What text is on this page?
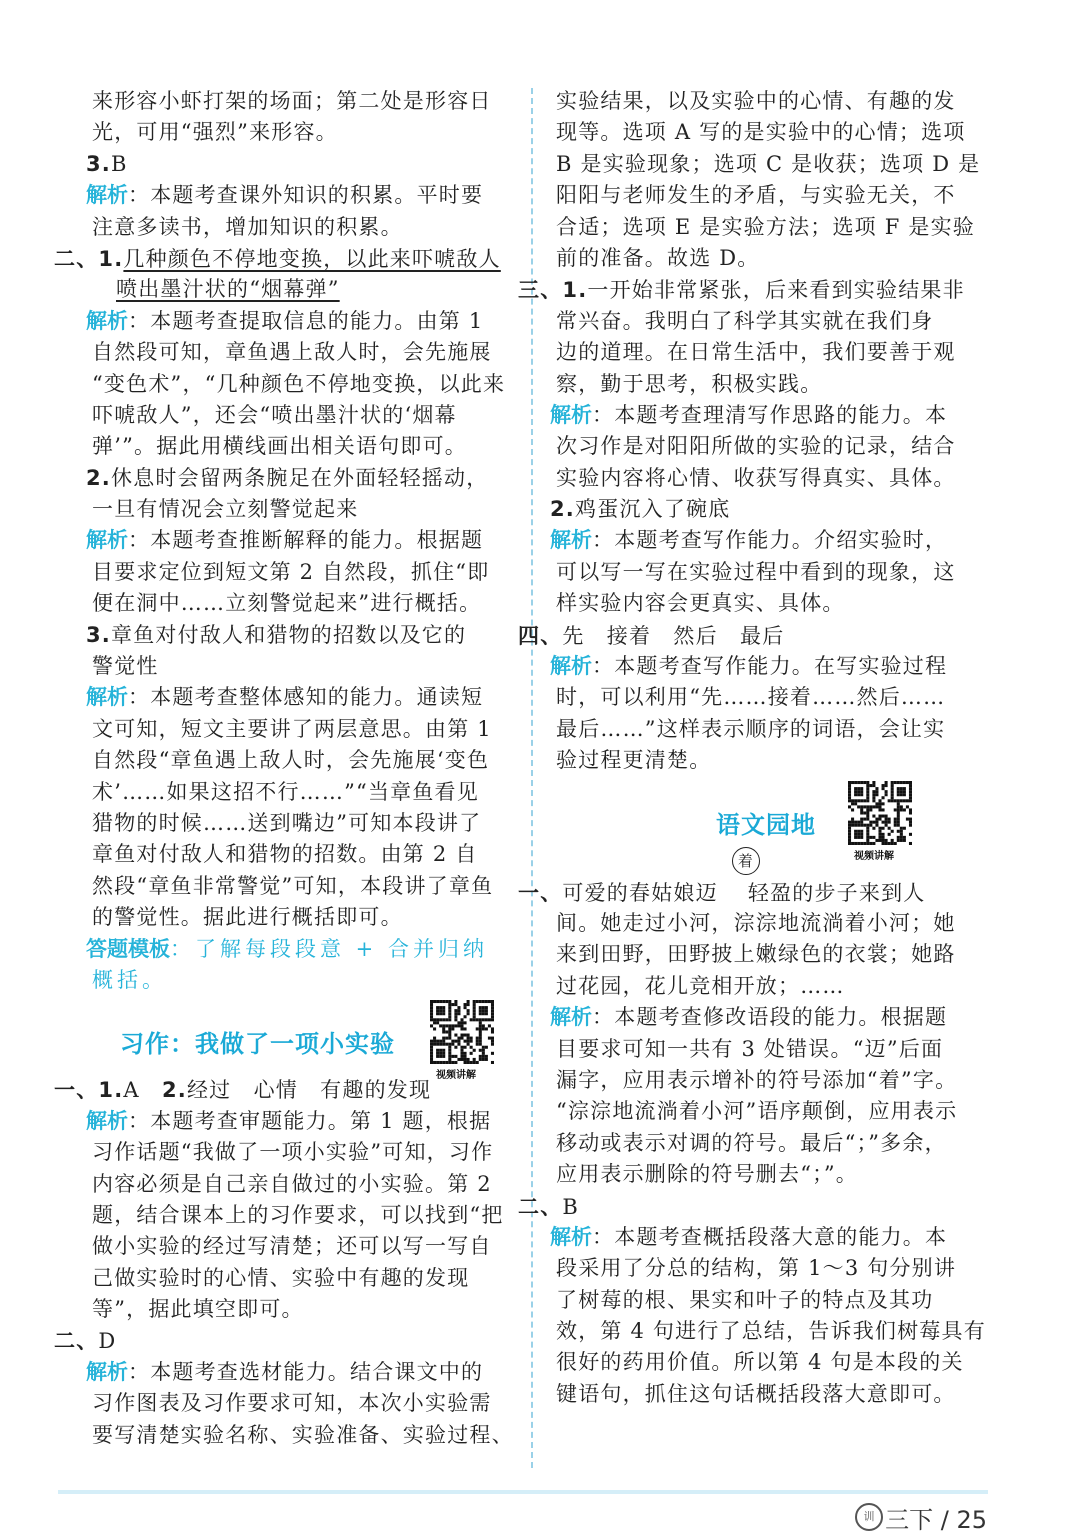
来形容小虾打架的场面；第二处是形容日
光，可用“强烈”来形容。
3.B
解析：本题考查课外知识的积累。平时要
注意多读书，增加知识的积累。
二、1.几种颜色不停地变换，以此来吓唬敌人
喷出墨汁状的“烟幕弹”
解析：本题考查提取信息的能力。由第 1
自然段可知，章鱼遇上敌人时，会先施展
“变色术”，“几种颜色不停地变换，以此来
吓唬敌人”，还会“喷出墨汁状的‘烟幕
弹’”。据此用横线画出相关语句即可。
2.休息时会留两条腕足在外面轻轻摇动，
一旦有情况会立刻警觉起来
解析：本题考查推断解释的能力。根据题
目要求定位到短文第 2 自然段，抓住“即
便在洞中……立刻警觉起来”进行概括。
3.章鱼对付敌人和猎物的招数以及它的
警觉性
解析：本题考查整体感知的能力。通读短
文可知，短文主要讲了两层意思。由第 1
自然段“章鱼遇上敌人时，会先施展‘变色
术’……如果这招不行……”“当章鱼看见
猎物的时候……送到嘴边”可知本段讲了
章鱼对付敌人和猎物的招数。由第 2 自
然段“章鱼非常警觉”可知，本段讲了章鱼
的警觉性。据此进行概括即可。
答题模板：了解每段段意 + 合并归纳
概括。
习作：我做了一项小实验
视频讲解
一、1.A　2.经过　心情　有趣的发现
解析：本题考查审题能力。第 1 题，根据
习作话题“我做了一项小实验”可知，习作
内容必须是自己亲自做过的小实验。第 2
题，结合课本上的习作要求，可以找到“把
做小实验的经过写清楚；还可以写一写自
己做实验时的心情、实验中有趣的发现
等”，据此填空即可。
二、D
解析：本题考查选材能力。结合课文中的
习作图表及习作要求可知，本次小实验需
要写清楚实验名称、实验准备、实验过程、
实验结果，以及实验中的心情、有趣的发
现等。选项 A 写的是实验中的心情；选项
B 是实验现象；选项 C 是收获；选项 D 是
阳阳与老师发生的矛盾，与实验无关，不
合适；选项 E 是实验方法；选项 F 是实验
前的准备。故选 D。
三、1.一开始非常紧张，后来看到实验结果非
常兴奋。我明白了科学其实就在我们身
边的道理。在日常生活中，我们要善于观
察，勤于思考，积极实践。
解析：本题考查理清写作思路的能力。本
次习作是对阳阳所做的实验的记录，结合
实验内容将心情、收获写得真实、具体。
2.鸡蛋沉入了碗底
解析：本题考查写作能力。介绍实验时，
可以写一写在实验过程中看到的现象，这
样实验内容会更真实、具体。
四、先　接着　然后　最后
解析：本题考查写作能力。在写实验过程
时，可以利用“先……接着……然后……
最后……”这样表示顺序的词语，会让实
验过程更清楚。
语文园地
视频讲解
一、可爱的春姑娘迈 　轻盈的步子来到人
着
间。她走过小河，淙淙地流淌着小河；她
来到田野，田野披上嫩绿色的衣裳；她路
过花园，花儿竞相开放；……
解析：本题考查修改语段的能力。根据题
目要求可知一共有 3 处错误。“迈”后面
漏字，应用表示增补的符号添加“着”字。
“淙淙地流淌着小河”语序颠倒，应用表示
移动或表示对调的符号。最后“；”多余，
应用表示删除的符号删去“；”。
二、B
解析：本题考查概括段落大意的能力。本
段采用了分总的结构，第 1～3 句分别讲
了树莓的根、果实和叶子的特点及其功
效，第 4 句进行了总结，告诉我们树莓具有
很好的药用价值。所以第 4 句是本段的关
键语句，抓住这句话概括段落大意即可。
训 三下 / 25
